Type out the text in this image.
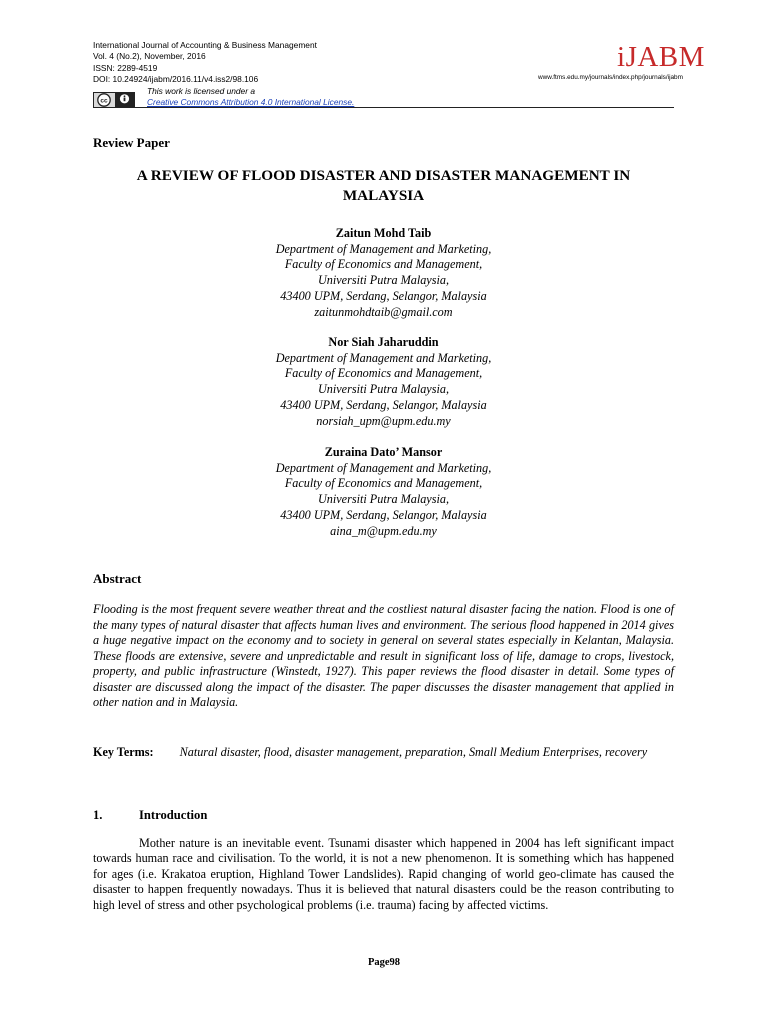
International Journal of Accounting & Business Management
Vol. 4 (No.2), November, 2016
ISSN: 2289-4519
DOI: 10.24924/ijabm/2016.11/v4.iss2/98.106
cc
This work is licensed under a
Creative Commons Attribution 4.0 International License.
iJABM
www.ftms.edu.my/journals/index.php/journals/ijabm
Review Paper
A REVIEW OF FLOOD DISASTER AND DISASTER MANAGEMENT IN
MALAYSIA
Zaitun Mohd Taib
Department of Management and Marketing,
Faculty of Economics and Management,
Universiti Putra Malaysia,
43400 UPM, Serdang, Selangor, Malaysia
zaitunmohdtaib@gmail.com
Nor Siah Jaharuddin
Department of Management and Marketing,
Faculty of Economics and Management,
Universiti Putra Malaysia,
43400 UPM, Serdang, Selangor, Malaysia
norsiah_upm@upm.edu.my
Zuraina Dato’ Mansor
Department of Management and Marketing,
Faculty of Economics and Management,
Universiti Putra Malaysia,
43400 UPM, Serdang, Selangor, Malaysia
aina_m@upm.edu.my
Abstract
Flooding is the most frequent severe weather threat and the costliest natural disaster facing the nation. Flood is one of the many types of natural disaster that affects human lives and environment. The serious flood happened in 2014 gives a huge negative impact on the economy and to society in general on several states especially in Kelantan, Malaysia. These floods are extensive, severe and unpredictable and result in significant loss of life, damage to crops, livestock, property, and public infrastructure (Winstedt, 1927). This paper reviews the flood disaster in detail. Some types of disaster are discussed along the impact of the disaster. The paper discusses the disaster management that applied in other nation and in Malaysia.
Key Terms: Natural disaster, flood, disaster management, preparation, Small Medium Enterprises, recovery
1.	Introduction
Mother nature is an inevitable event. Tsunami disaster which happened in 2004 has left significant impact towards human race and civilisation. To the world, it is not a new phenomenon. It is something which has happened for ages (i.e. Krakatoa eruption, Highland Tower Landslides). Rapid changing of world geo-climate has caused the disaster to happen frequently nowadays. Thus it is believed that natural disasters could be the reason contributing to high level of stress and other psychological problems (i.e. trauma) facing by affected victims.
Page98
